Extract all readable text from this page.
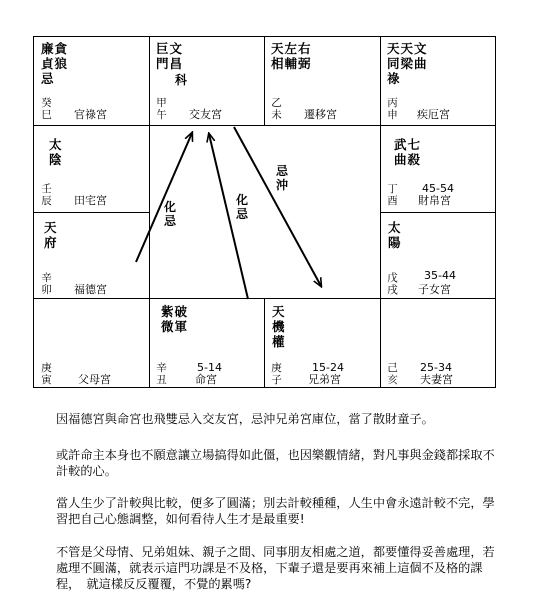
廉貪
貞狼
忌
癸
巳 官祿宮
巨文
門昌
科
甲
午 交友宮
天左右
相輔弼
乙
未 遷移宮
天天文
同梁曲
祿
丙
申 疾厄宮
太
陰
壬
辰 田宅宮
武七
曲殺
45-54
丁
酉 財帛宮
天
府
辛
卯 福德宮
太
陽
35-44
戊
戌 子女宮
庚
寅 父母宮
紫破
微軍
5-14
辛
丑	命宮
天
機
權
15-24
庚
子 兄弟宮
25-34
己
亥 夫妻宮
化忌
化忌
忌沖
因福德宮與命宮也飛雙忌入交友宮，忌沖兄弟宮庫位，當了散財童子。
或許命主本身也不願意讓立場搞得如此僵，也因樂觀情緒，對凡事與金錢都採取不計較的心。
當人生少了計較與比較，便多了圓滿；別去計較種種，人生中會永遠計較不完，學習把自己心態調整，如何看待人生才是最重要!
不管是父母情、兄弟姐妹、親子之間、同事朋友相處之道，都要懂得妥善處理，若處理不圓滿，就表示這門功課是不及格，下輩子還是要再來補上這個不及格的課程，　就這樣反反覆覆，不覺的累嗎?
